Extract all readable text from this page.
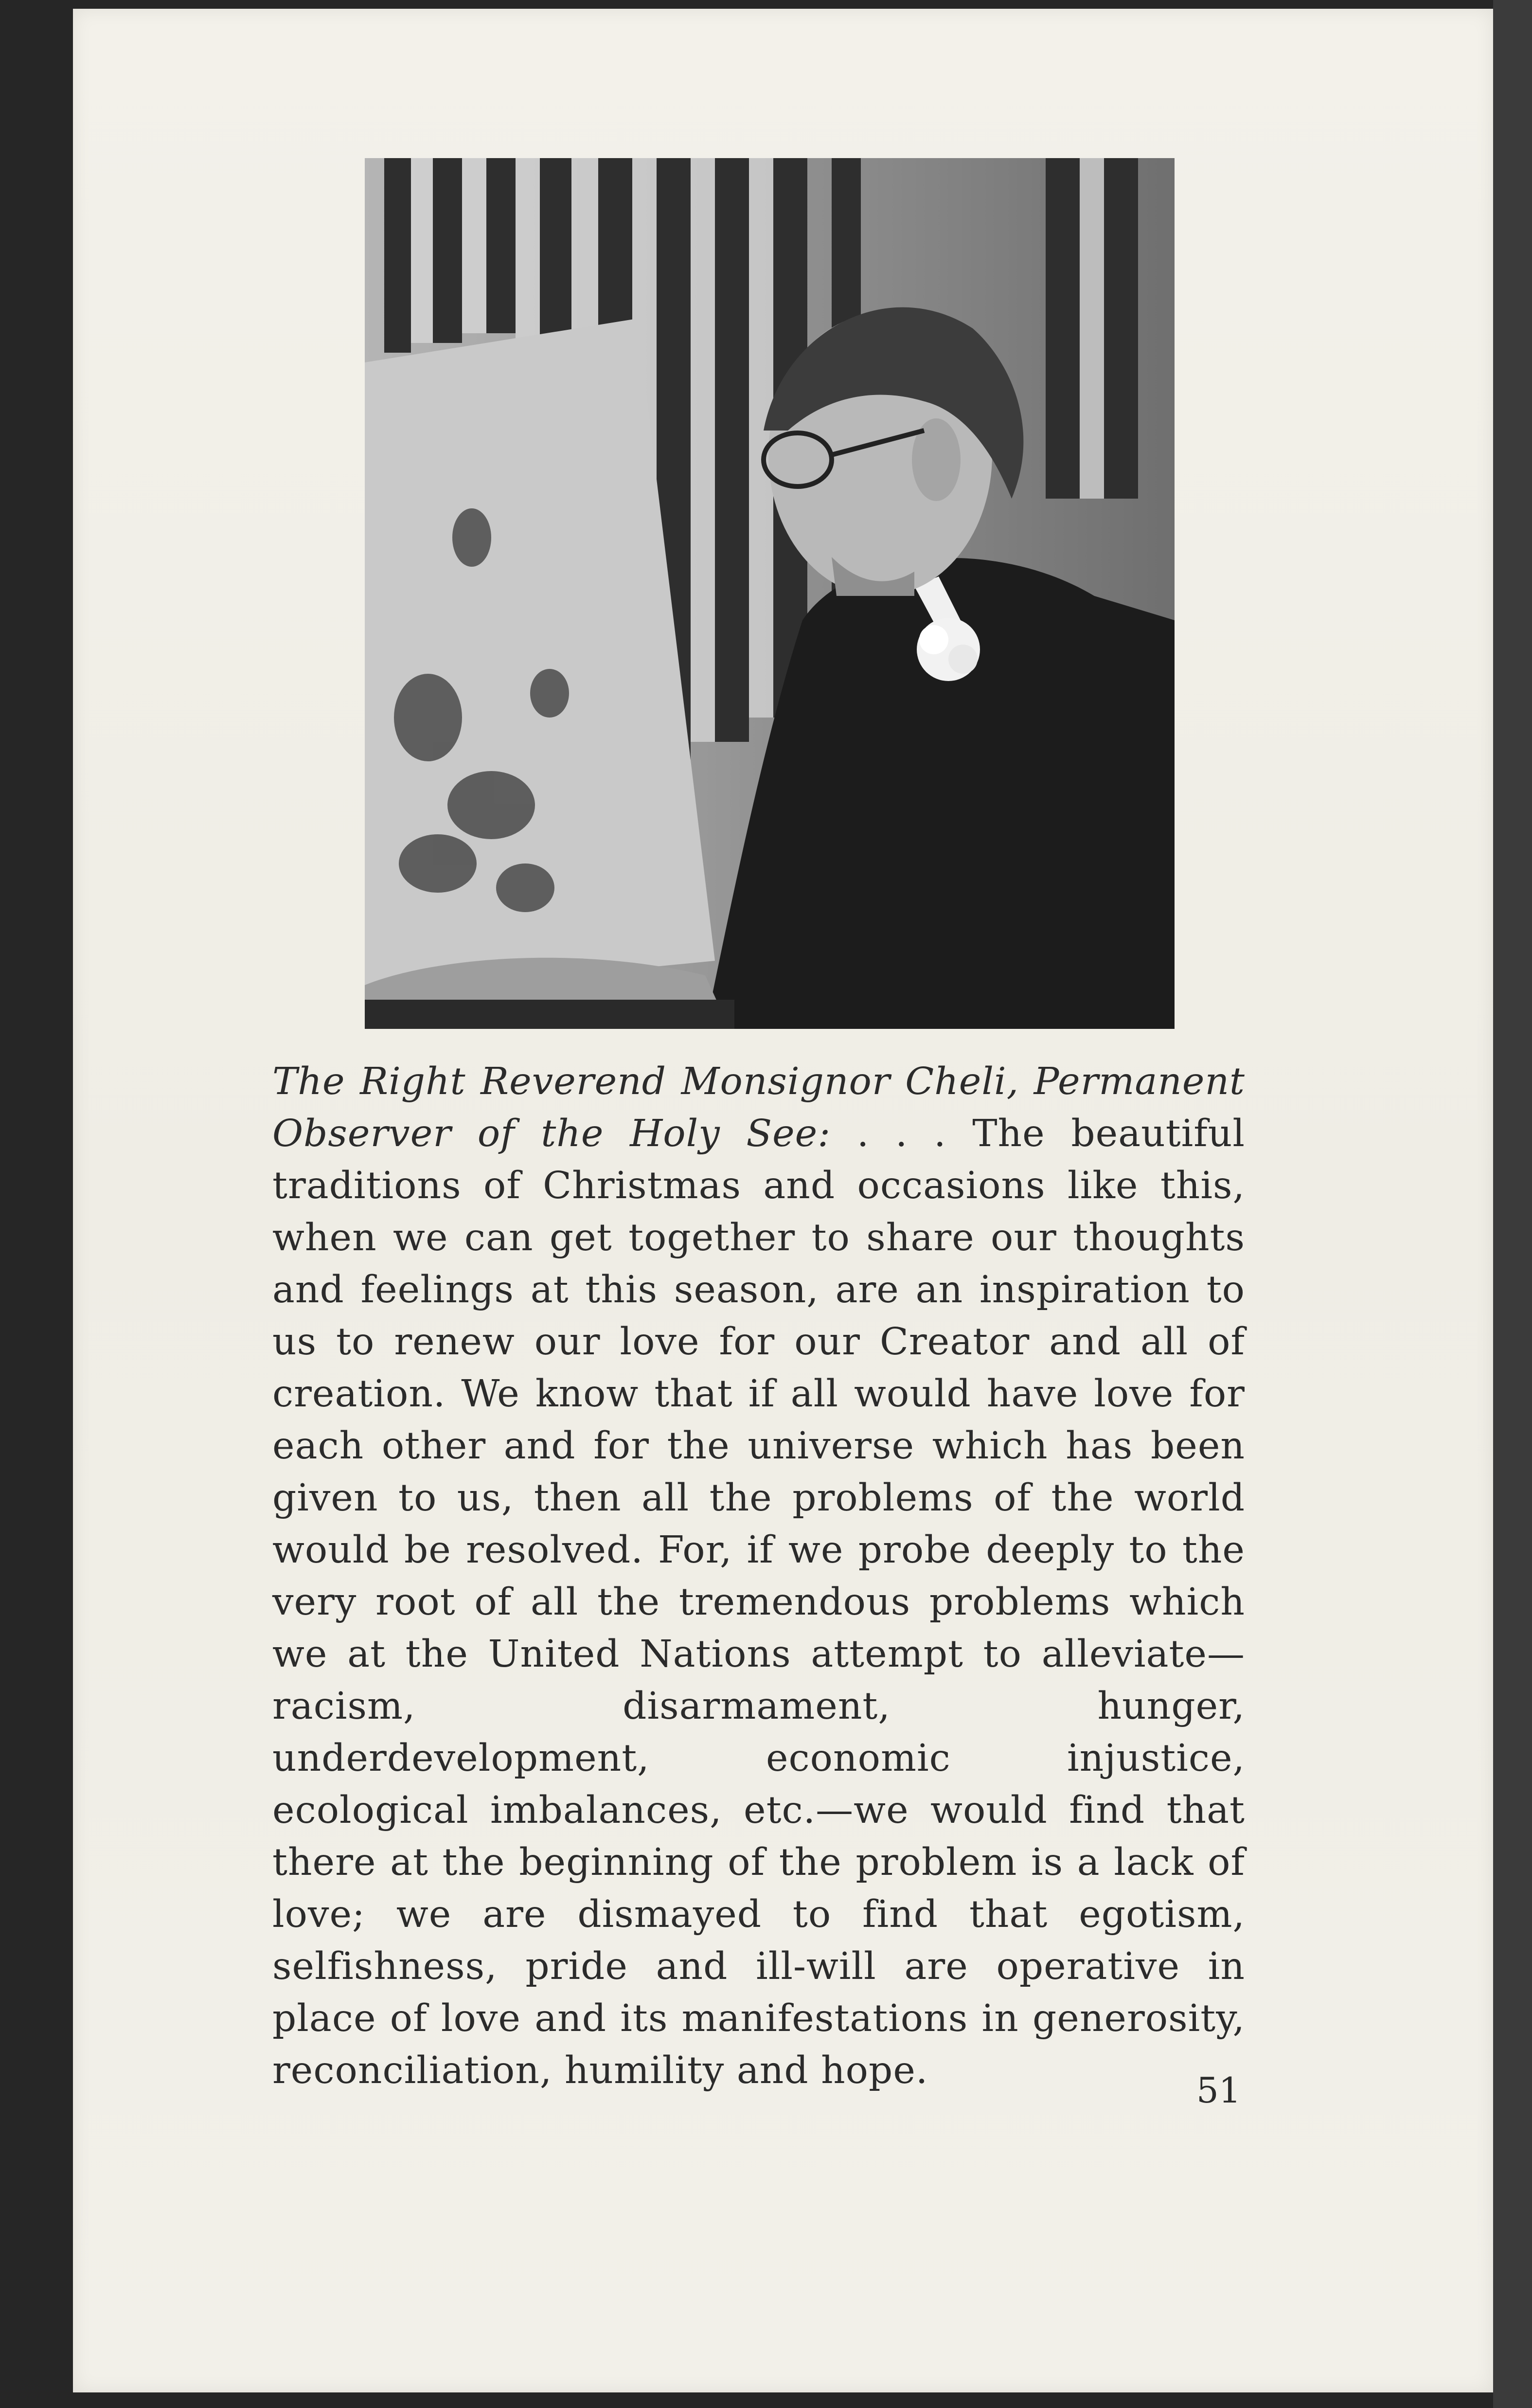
The Right Reverend Monsignor Cheli, Permanent Observer of the Holy See: . . . The beautiful traditions of Christmas and occasions like this, when we can get together to share our thoughts and feelings at this season, are an inspiration to us to renew our love for our Creator and all of creation. We know that if all would have love for each other and for the universe which has been given to us, then all the problems of the world would be resolved. For, if we probe deeply to the very root of all the tremendous problems which we at the United Nations attempt to alleviate—racism, disarmament, hunger, underdevelopment, economic injustice, ecological imbalances, etc.—we would find that there at the beginning of the problem is a lack of love; we are dismayed to find that egotism, selfishness, pride and ill-will are operative in place of love and its manifestations in generosity, reconciliation, humility and hope.	51
